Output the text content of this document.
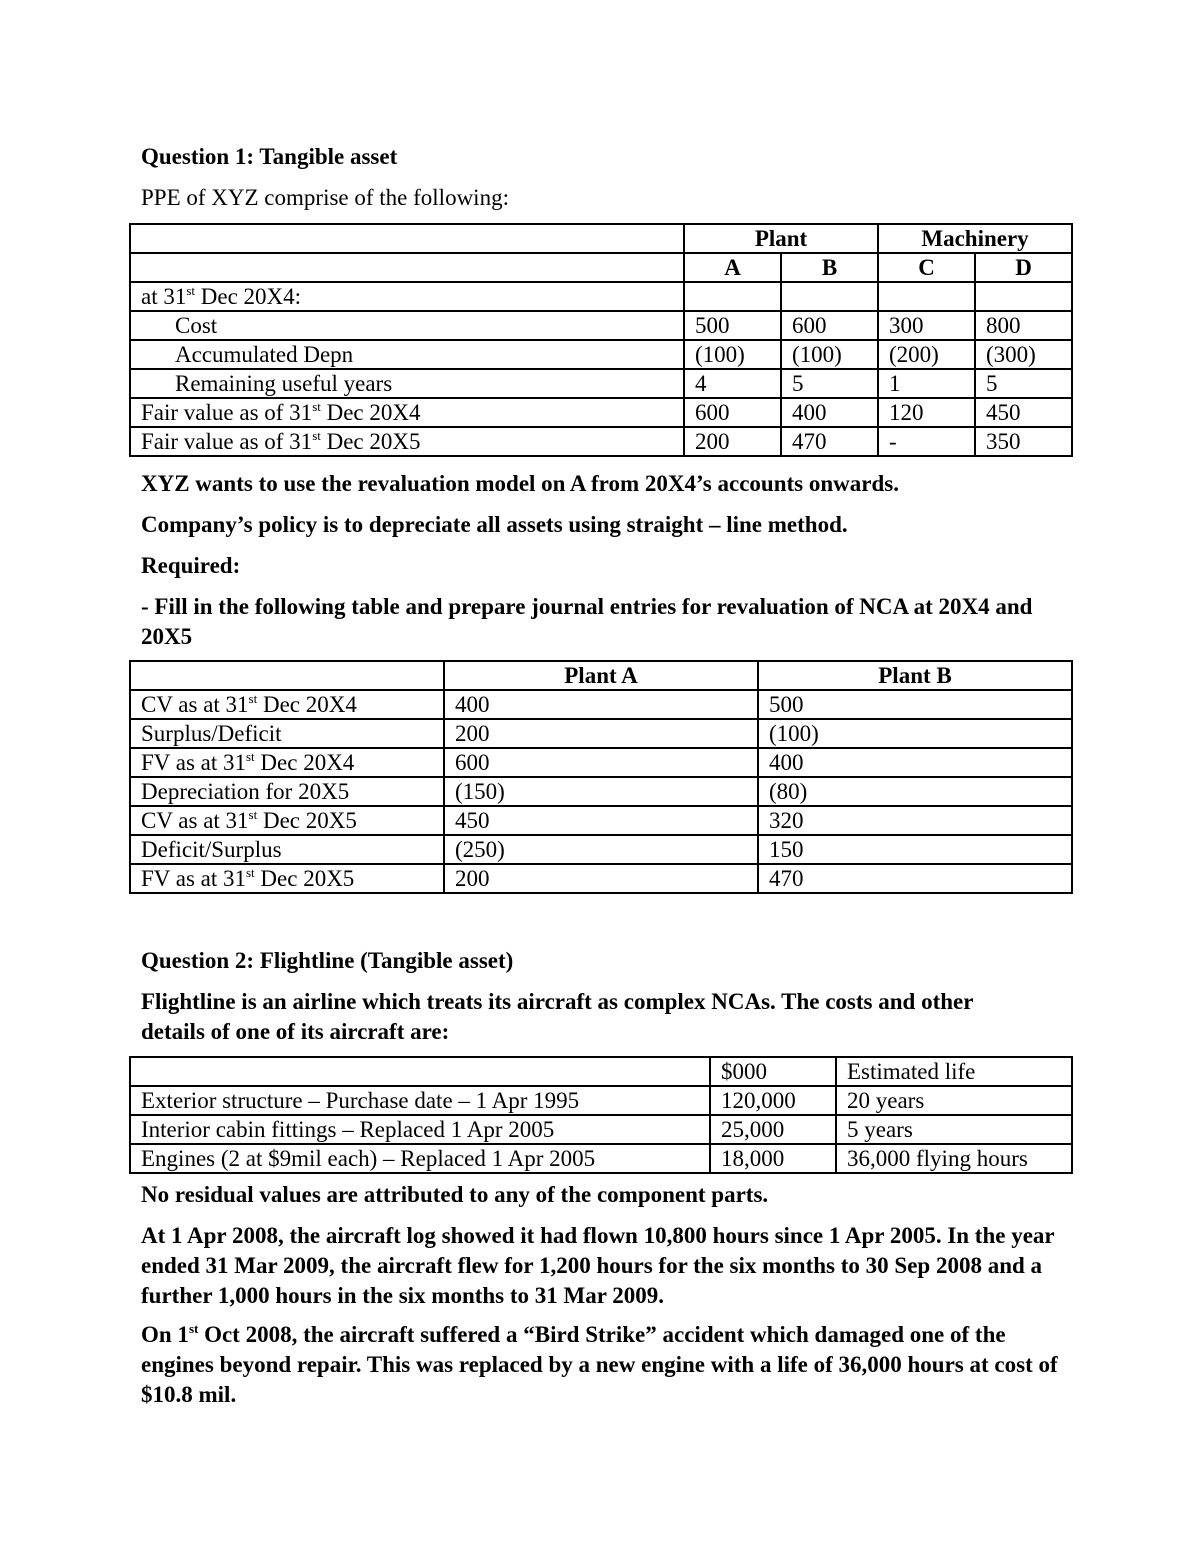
Question 1: Tangible asset
PPE of XYZ comprise of the following:
	Plant		Machinery	
	A	B	C	D
at 31st Dec 20X4:				
Cost	500	600	300	800
Accumulated Depn	(100)	(100)	(200)	(300)
Remaining useful years	4	5	1	5
Fair value as of 31st Dec 20X4	600	400	120	450
Fair value as of 31st Dec 20X5	200	470	-	350
XYZ wants to use the revaluation model on A from 20X4’s accounts onwards.
Company’s policy is to depreciate all assets using straight – line method.
Required:
- Fill in the following table and prepare journal entries for revaluation of NCA at 20X4 and 20X5
	Plant A	Plant B
CV as at 31st Dec 20X4	400	500
Surplus/Deficit	200	(100)
FV as at 31st Dec 20X4	600	400
Depreciation for 20X5	(150)	(80)
CV as at 31st Dec 20X5	450	320
Deficit/Surplus	(250)	150
FV as at 31st Dec 20X5	200	470
Question 2: Flightline (Tangible asset)
Flightline is an airline which treats its aircraft as complex NCAs. The costs and other details of one of its aircraft are:
	$000	Estimated life
Exterior structure – Purchase date – 1 Apr 1995	120,000	20 years
Interior cabin fittings – Replaced 1 Apr 2005	25,000	5 years
Engines (2 at $9mil each) – Replaced 1 Apr 2005	18,000	36,000 flying hours
No residual values are attributed to any of the component parts.
At 1 Apr 2008, the aircraft log showed it had flown 10,800 hours since 1 Apr 2005. In the year ended 31 Mar 2009, the aircraft flew for 1,200 hours for the six months to 30 Sep 2008 and a further 1,000 hours in the six months to 31 Mar 2009.
On 1st Oct 2008, the aircraft suffered a “Bird Strike” accident which damaged one of the engines beyond repair. This was replaced by a new engine with a life of 36,000 hours at cost of $10.8 mil.
